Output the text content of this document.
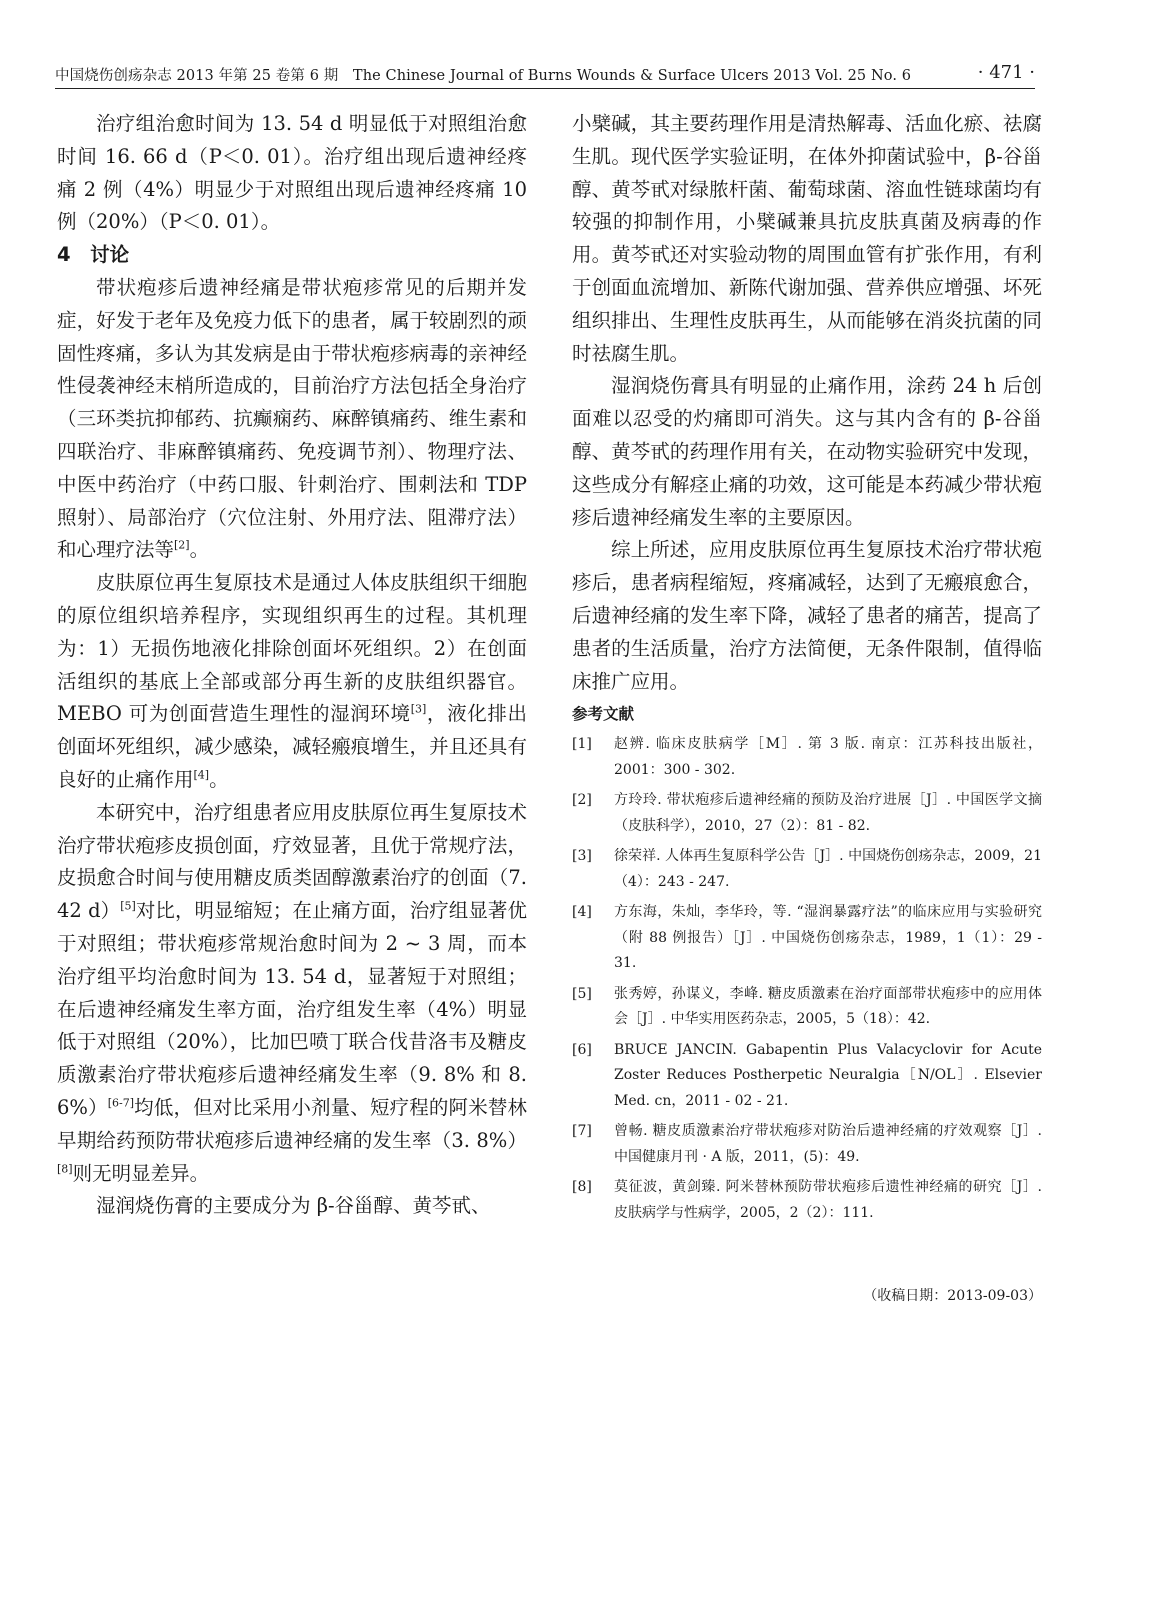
中国烧伤创疡杂志 2013 年第 25 卷第 6 期　The Chinese Journal of Burns Wounds & Surface Ulcers 2013 Vol. 25 No. 6	· 471 ·

治疗组治愈时间为 13. 54 d 明显低于对照组治愈时间 16. 66 d（P＜0. 01）。治疗组出现后遗神经疼痛 2 例（4%）明显少于对照组出现后遗神经疼痛 10 例（20%）（P＜0. 01）。

4　讨论

带状疱疹后遗神经痛是带状疱疹常见的后期并发症，好发于老年及免疫力低下的患者，属于较剧烈的顽固性疼痛，多认为其发病是由于带状疱疹病毒的亲神经性侵袭神经末梢所造成的，目前治疗方法包括全身治疗（三环类抗抑郁药、抗癫痫药、麻醉镇痛药、维生素和四联治疗、非麻醉镇痛药、免疫调节剂）、物理疗法、中医中药治疗（中药口服、针刺治疗、围刺法和 TDP 照射）、局部治疗（穴位注射、外用疗法、阻滞疗法）和心理疗法等[2]。

皮肤原位再生复原技术是通过人体皮肤组织干细胞的原位组织培养程序，实现组织再生的过程。其机理为：1）无损伤地液化排除创面坏死组织。2）在创面活组织的基底上全部或部分再生新的皮肤组织器官。MEBO 可为创面营造生理性的湿润环境[3]，液化排出创面坏死组织，减少感染，减轻瘢痕增生，并且还具有良好的止痛作用[4]。

本研究中，治疗组患者应用皮肤原位再生复原技术治疗带状疱疹皮损创面，疗效显著，且优于常规疗法，皮损愈合时间与使用糖皮质类固醇激素治疗的创面（7. 42 d）[5]对比，明显缩短；在止痛方面，治疗组显著优于对照组；带状疱疹常规治愈时间为 2 ~ 3 周，而本治疗组平均治愈时间为 13. 54 d，显著短于对照组；在后遗神经痛发生率方面，治疗组发生率（4%）明显低于对照组（20%），比加巴喷丁联合伐昔洛韦及糖皮质激素治疗带状疱疹后遗神经痛发生率（9. 8% 和 8. 6%）[6-7]均低，但对比采用小剂量、短疗程的阿米替林早期给药预防带状疱疹后遗神经痛的发生率（3. 8%）[8]则无明显差异。

湿润烧伤膏的主要成分为 β-谷甾醇、黄芩甙、

小檗碱，其主要药理作用是清热解毒、活血化瘀、祛腐生肌。现代医学实验证明，在体外抑菌试验中，β-谷甾醇、黄芩甙对绿脓杆菌、葡萄球菌、溶血性链球菌均有较强的抑制作用，小檗碱兼具抗皮肤真菌及病毒的作用。黄芩甙还对实验动物的周围血管有扩张作用，有利于创面血流增加、新陈代谢加强、营养供应增强、坏死组织排出、生理性皮肤再生，从而能够在消炎抗菌的同时祛腐生肌。

湿润烧伤膏具有明显的止痛作用，涂药 24 h 后创面难以忍受的灼痛即可消失。这与其内含有的 β-谷甾醇、黄芩甙的药理作用有关，在动物实验研究中发现，这些成分有解痉止痛的功效，这可能是本药减少带状疱疹后遗神经痛发生率的主要原因。

综上所述，应用皮肤原位再生复原技术治疗带状疱疹后，患者病程缩短，疼痛减轻，达到了无瘢痕愈合，后遗神经痛的发生率下降，减轻了患者的痛苦，提高了患者的生活质量，治疗方法简便，无条件限制，值得临床推广应用。

参考文献
[1] 赵辨. 临床皮肤病学［M］. 第 3 版. 南京：江苏科技出版社，2001：300 - 302.
[2] 方玲玲. 带状疱疹后遗神经痛的预防及治疗进展［J］. 中国医学文摘（皮肤科学），2010，27（2）：81 - 82.
[3] 徐荣祥. 人体再生复原科学公告［J］. 中国烧伤创疡杂志，2009，21（4）：243 - 247.
[4] 方东海，朱灿，李华玲，等. “湿润暴露疗法”的临床应用与实验研究（附 88 例报告）［J］. 中国烧伤创疡杂志，1989，1（1）：29 - 31.
[5] 张秀婷，孙谋义，李峰. 糖皮质激素在治疗面部带状疱疹中的应用体会［J］. 中华实用医药杂志，2005，5（18）：42.
[6] BRUCE JANCIN. Gabapentin Plus Valacyclovir for Acute Zoster Reduces Postherpetic Neuralgia［N/OL］. Elsevier Med. cn，2011 - 02 - 21.
[7] 曾畅. 糖皮质激素治疗带状疱疹对防治后遗神经痛的疗效观察［J］. 中国健康月刊 · A 版，2011，(5)：49.
[8] 莫征波，黄剑臻. 阿米替林预防带状疱疹后遗性神经痛的研究［J］. 皮肤病学与性病学，2005，2（2）：111.
（收稿日期：2013-09-03）
